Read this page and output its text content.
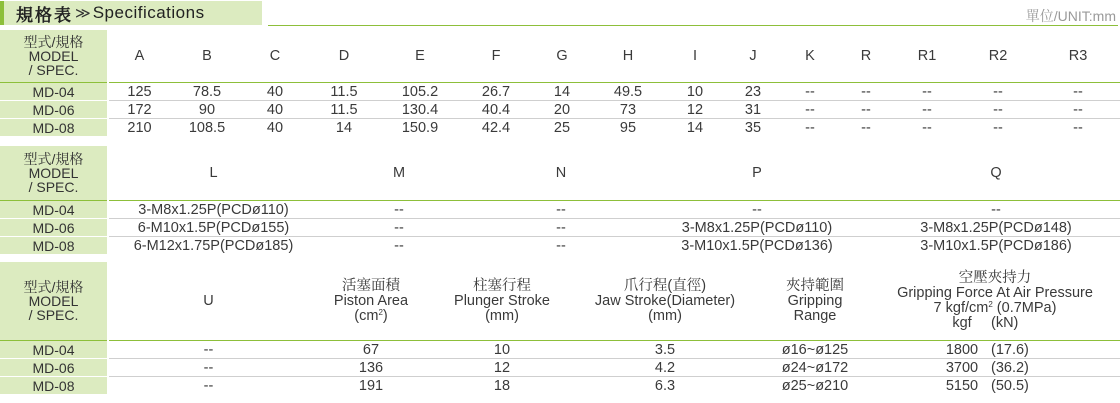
規格表 ≫ Specifications	單位/UNIT:mm
型式/規格
MODEL
/ SPEC.	A	B	C	D	E	F	G	H	I	J	K	R	R1	R2	R3
MD-04	125	78.5	40	11.5	105.2	26.7	14	49.5	10	23	--	--	--	--	--
MD-06	172	90	40	11.5	130.4	40.4	20	73	12	31	--	--	--	--	--
MD-08	210	108.5	40	14	150.9	42.4	25	95	14	35	--	--	--	--	--
型式/規格
MODEL
/ SPEC.	L	M	N	P	Q
MD-04	3-M8x1.25P(PCDø110)	--	--	--	--
MD-06	6-M10x1.5P(PCDø155)	--	--	3-M8x1.25P(PCDø110)	3-M8x1.25P(PCDø148)
MD-08	6-M12x1.75P(PCDø185)	--	--	3-M10x1.5P(PCDø136)	3-M10x1.5P(PCDø186)
型式/規格
MODEL
/ SPEC.	U	活塞面積
Piston Area
$(cm^2)$	柱塞行程
Plunger Stroke
(mm)	爪行程(直徑)
Jaw Stroke(Diameter)
(mm)	夾持範圍
Gripping
Range	空壓夾持力
Gripping Force At Air Pressure
7 kgf/$cm^2$ (0.7MPa)
kgf (kN)

MD-04	--	67	10	3.5	ø16~ø125	1800 (17.6)
MD-06	--	136	12	4.2	ø24~ø172	3700 (36.2)
MD-08	--	191	18	6.3	ø25~ø210	5150 (50.5)
